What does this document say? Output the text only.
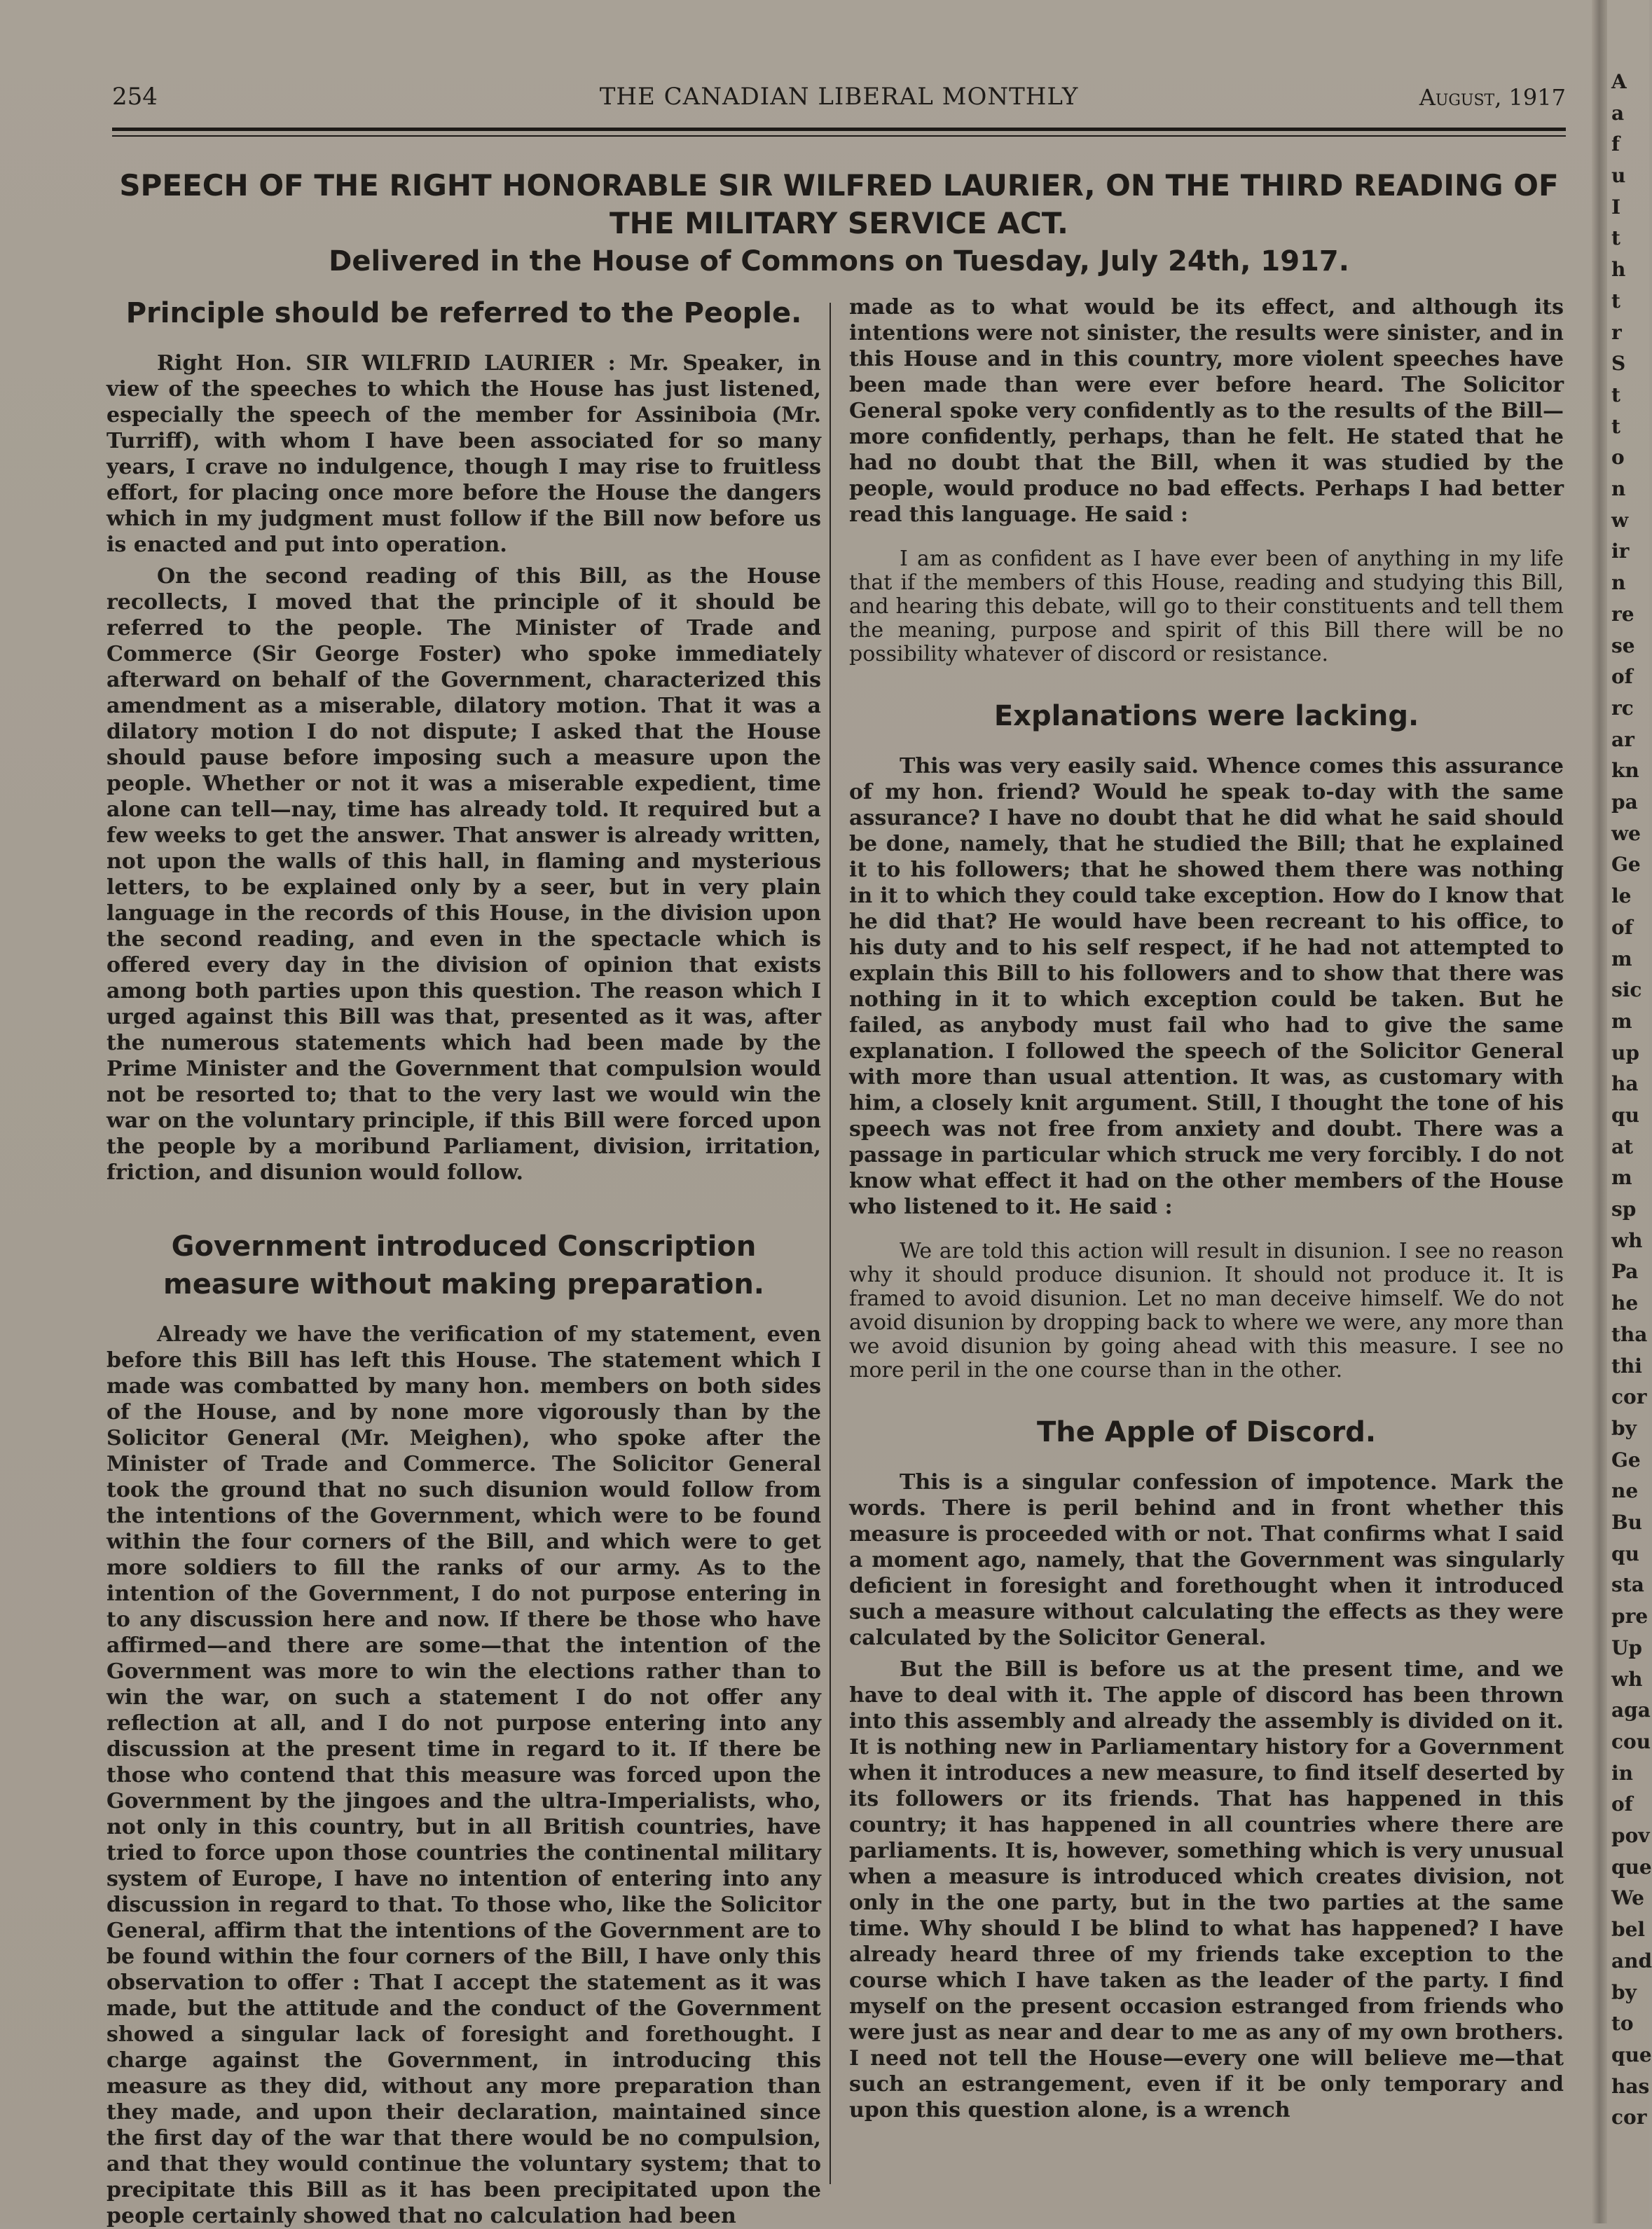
254	THE CANADIAN LIBERAL MONTHLY	August, 1917
SPEECH OF THE RIGHT HONORABLE SIR WILFRED LAURIER, ON THE THIRD READING OF THE MILITARY SERVICE ACT.
Delivered in the House of Commons on Tuesday, July 24th, 1917.
Principle should be referred to the People.

Right Hon. SIR WILFRID LAURIER : Mr. Speaker, in view of the speeches to which the House has just listened, especially the speech of the member for Assiniboia (Mr. Turriff), with whom I have been associated for so many years, I crave no indulgence, though I may rise to fruitless effort, for placing once more before the House the dangers which in my judgment must follow if the Bill now before us is enacted and put into operation.

On the second reading of this Bill, as the House recollects, I moved that the principle of it should be referred to the people. The Minister of Trade and Commerce (Sir George Foster) who spoke immediately afterward on behalf of the Government, characterized this amendment as a miserable, dilatory motion. That it was a dilatory motion I do not dispute; I asked that the House should pause before imposing such a measure upon the people. Whether or not it was a miserable expedient, time alone can tell—nay, time has already told. It required but a few weeks to get the answer. That answer is already written, not upon the walls of this hall, in flaming and mysterious letters, to be explained only by a seer, but in very plain language in the records of this House, in the division upon the second reading, and even in the spectacle which is offered every day in the division of opinion that exists among both parties upon this question. The reason which I urged against this Bill was that, presented as it was, after the numerous statements which had been made by the Prime Minister and the Government that compulsion would not be resorted to; that to the very last we would win the war on the voluntary principle, if this Bill were forced upon the people by a moribund Parliament, division, irritation, friction, and disunion would follow.

Government introduced Conscription measure without making preparation.

Already we have the verification of my statement, even before this Bill has left this House. The statement which I made was combatted by many hon. members on both sides of the House, and by none more vigorously than by the Solicitor General (Mr. Meighen), who spoke after the Minister of Trade and Commerce. The Solicitor General took the ground that no such disunion would follow from the intentions of the Government, which were to be found within the four corners of the Bill, and which were to get more soldiers to fill the ranks of our army. As to the intention of the Government, I do not purpose entering in to any discussion here and now. If there be those who have affirmed—and there are some—that the intention of the Government was more to win the elections rather than to win the war, on such a statement I do not offer any reflection at all, and I do not purpose entering into any discussion at the present time in regard to it. If there be those who contend that this measure was forced upon the Government by the jingoes and the ultra-Imperialists, who, not only in this country, but in all British countries, have tried to force upon those countries the continental military system of Europe, I have no intention of entering into any discussion in regard to that. To those who, like the Solicitor General, affirm that the intentions of the Government are to be found within the four corners of the Bill, I have only this observation to offer : That I accept the statement as it was made, but the attitude and the conduct of the Government showed a singular lack of foresight and forethought. I charge against the Government, in introducing this measure as they did, without any more preparation than they made, and upon their declaration, maintained since the first day of the war that there would be no compulsion, and that they would continue the voluntary system; that to precipitate this Bill as it has been precipitated upon the people certainly showed that no calculation had been

made as to what would be its effect, and although its intentions were not sinister, the results were sinister, and in this House and in this country, more violent speeches have been made than were ever before heard. The Solicitor General spoke very confidently as to the results of the Bill—more confidently, perhaps, than he felt. He stated that he had no doubt that the Bill, when it was studied by the people, would produce no bad effects. Perhaps I had better read this language. He said :

I am as confident as I have ever been of anything in my life that if the members of this House, reading and studying this Bill, and hearing this debate, will go to their constituents and tell them the meaning, purpose and spirit of this Bill there will be no possibility whatever of discord or resistance.

Explanations were lacking.

This was very easily said. Whence comes this assurance of my hon. friend? Would he speak to-day with the same assurance? I have no doubt that he did what he said should be done, namely, that he studied the Bill; that he explained it to his followers; that he showed them there was nothing in it to which they could take exception. How do I know that he did that? He would have been recreant to his office, to his duty and to his self respect, if he had not attempted to explain this Bill to his followers and to show that there was nothing in it to which exception could be taken. But he failed, as anybody must fail who had to give the same explanation. I followed the speech of the Solicitor General with more than usual attention. It was, as customary with him, a closely knit argument. Still, I thought the tone of his speech was not free from anxiety and doubt. There was a passage in particular which struck me very forcibly. I do not know what effect it had on the other members of the House who listened to it. He said :

We are told this action will result in disunion. I see no reason why it should produce disunion. It should not produce it. It is framed to avoid disunion. Let no man deceive himself. We do not avoid disunion by dropping back to where we were, any more than we avoid disunion by going ahead with this measure. I see no more peril in the one course than in the other.

The Apple of Discord.

This is a singular confession of impotence. Mark the words. There is peril behind and in front whether this measure is proceeded with or not. That confirms what I said a moment ago, namely, that the Government was singularly deficient in foresight and forethought when it introduced such a measure without calculating the effects as they were calculated by the Solicitor General.

But the Bill is before us at the present time, and we have to deal with it. The apple of discord has been thrown into this assembly and already the assembly is divided on it. It is nothing new in Parliamentary history for a Government when it introduces a new measure, to find itself deserted by its followers or its friends. That has happened in this country; it has happened in all countries where there are parliaments. It is, however, something which is very unusual when a measure is introduced which creates division, not only in the one party, but in the two parties at the same time. Why should I be blind to what has happened? I have already heard three of my friends take exception to the course which I have taken as the leader of the party. I find myself on the present occasion estranged from friends who were just as near and dear to me as any of my own brothers. I need not tell the House—every one will believe me—that such an estrangement, even if it be only temporary and upon this question alone, is a wrench

A
a
f
u
I
t
h
t
r
S
t
t
o
n
w
ir
n
re
se
of
rc
ar
kn
pa
we
Ge
le
of
m
sic
m
up
ha
qu
at
m
sp
wh
Pa
he
tha
thi
cor
by
Ge
ne
Bu
qu
sta
pre
Up
wh
aga
cou
in
of
pov
que
We
bel
and
by
to
que
has
cor
